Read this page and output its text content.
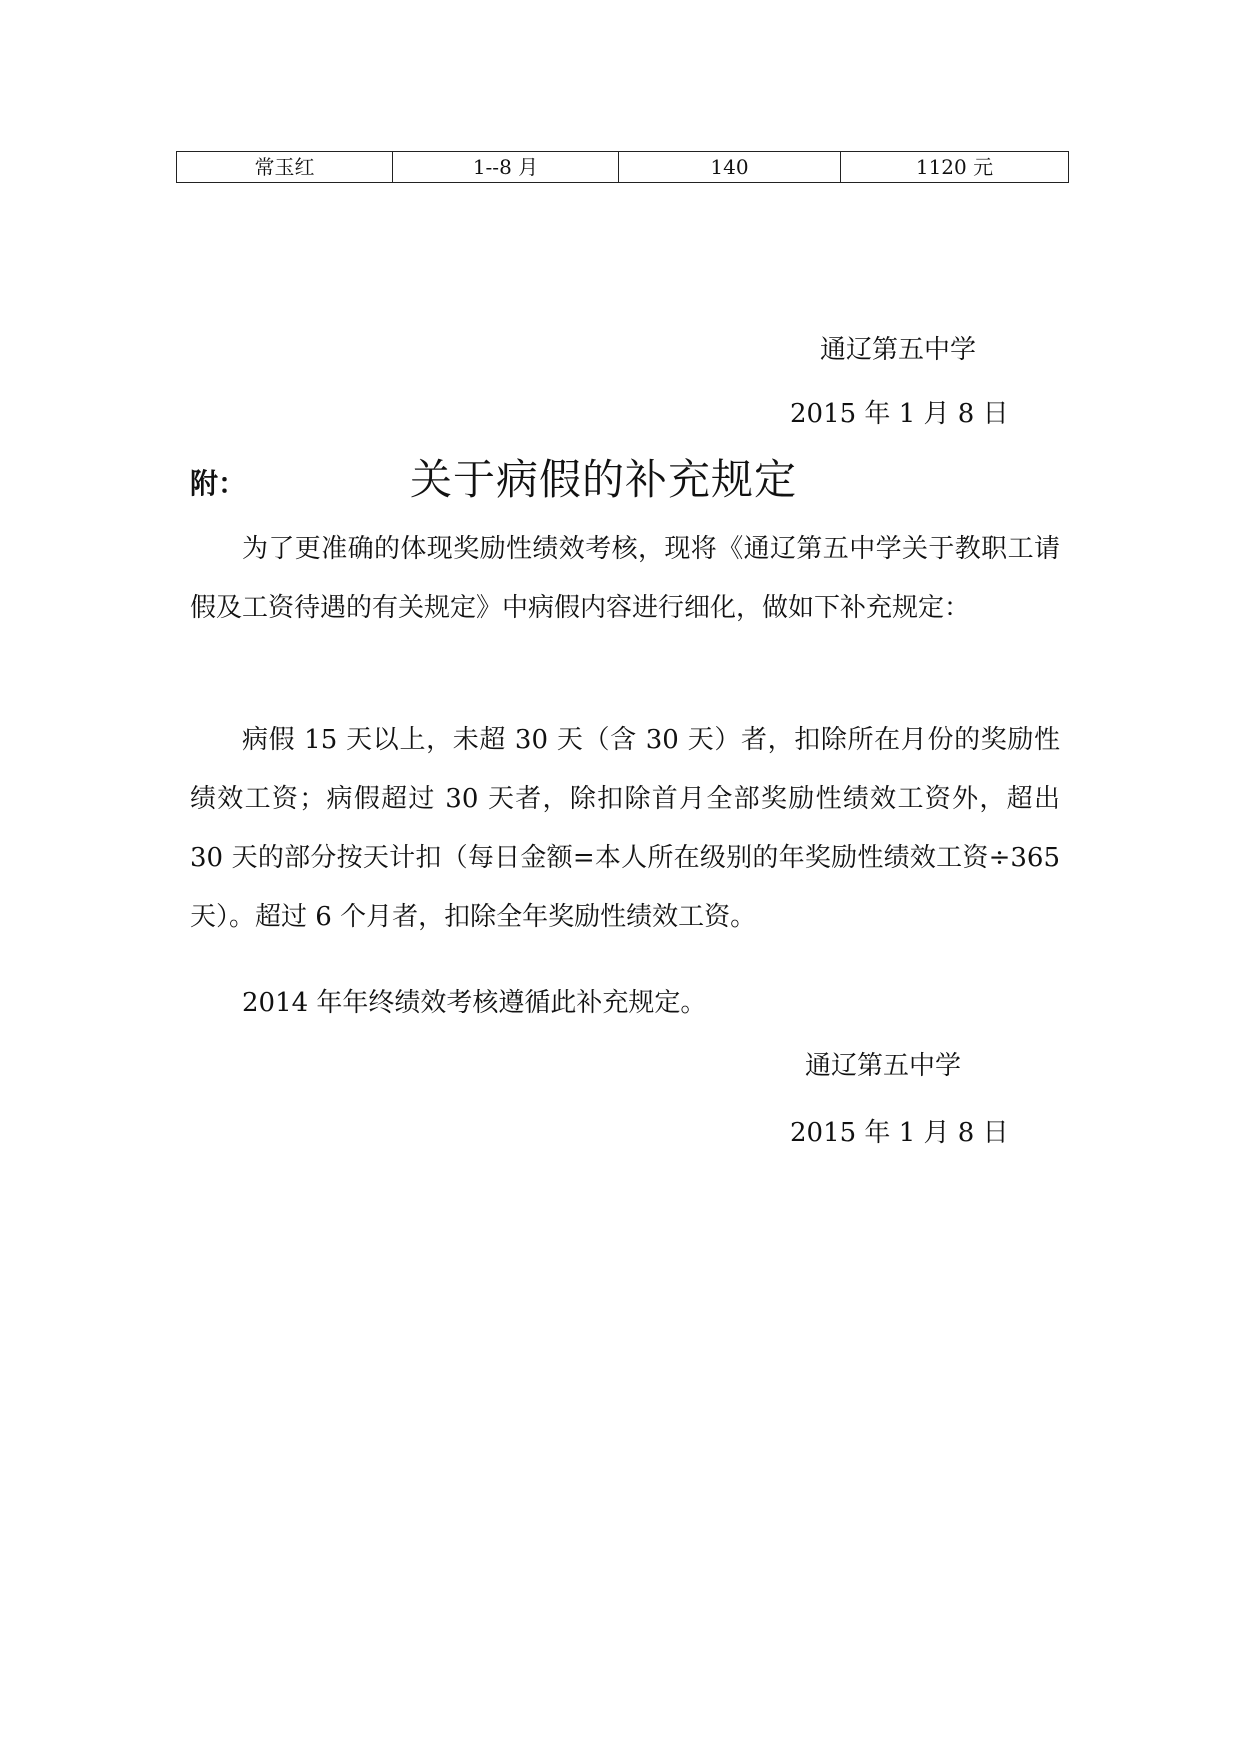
常玉红	1--8 月	140	1120 元
通辽第五中学
2015 年 1 月 8 日
附：	关于病假的补充规定

为了更准确的体现奖励性绩效考核，现将《通辽第五中学关于教职工请假及工资待遇的有关规定》中病假内容进行细化，做如下补充规定：

病假 15 天以上，未超 30 天（含 30 天）者，扣除所在月份的奖励性绩效工资；病假超过 30 天者，除扣除首月全部奖励性绩效工资外，超出 30 天的部分按天计扣（每日金额=本人所在级别的年奖励性绩效工资÷365 天）。超过 6 个月者，扣除全年奖励性绩效工资。

2014 年年终绩效考核遵循此补充规定。

通辽第五中学
2015 年 1 月 8 日
